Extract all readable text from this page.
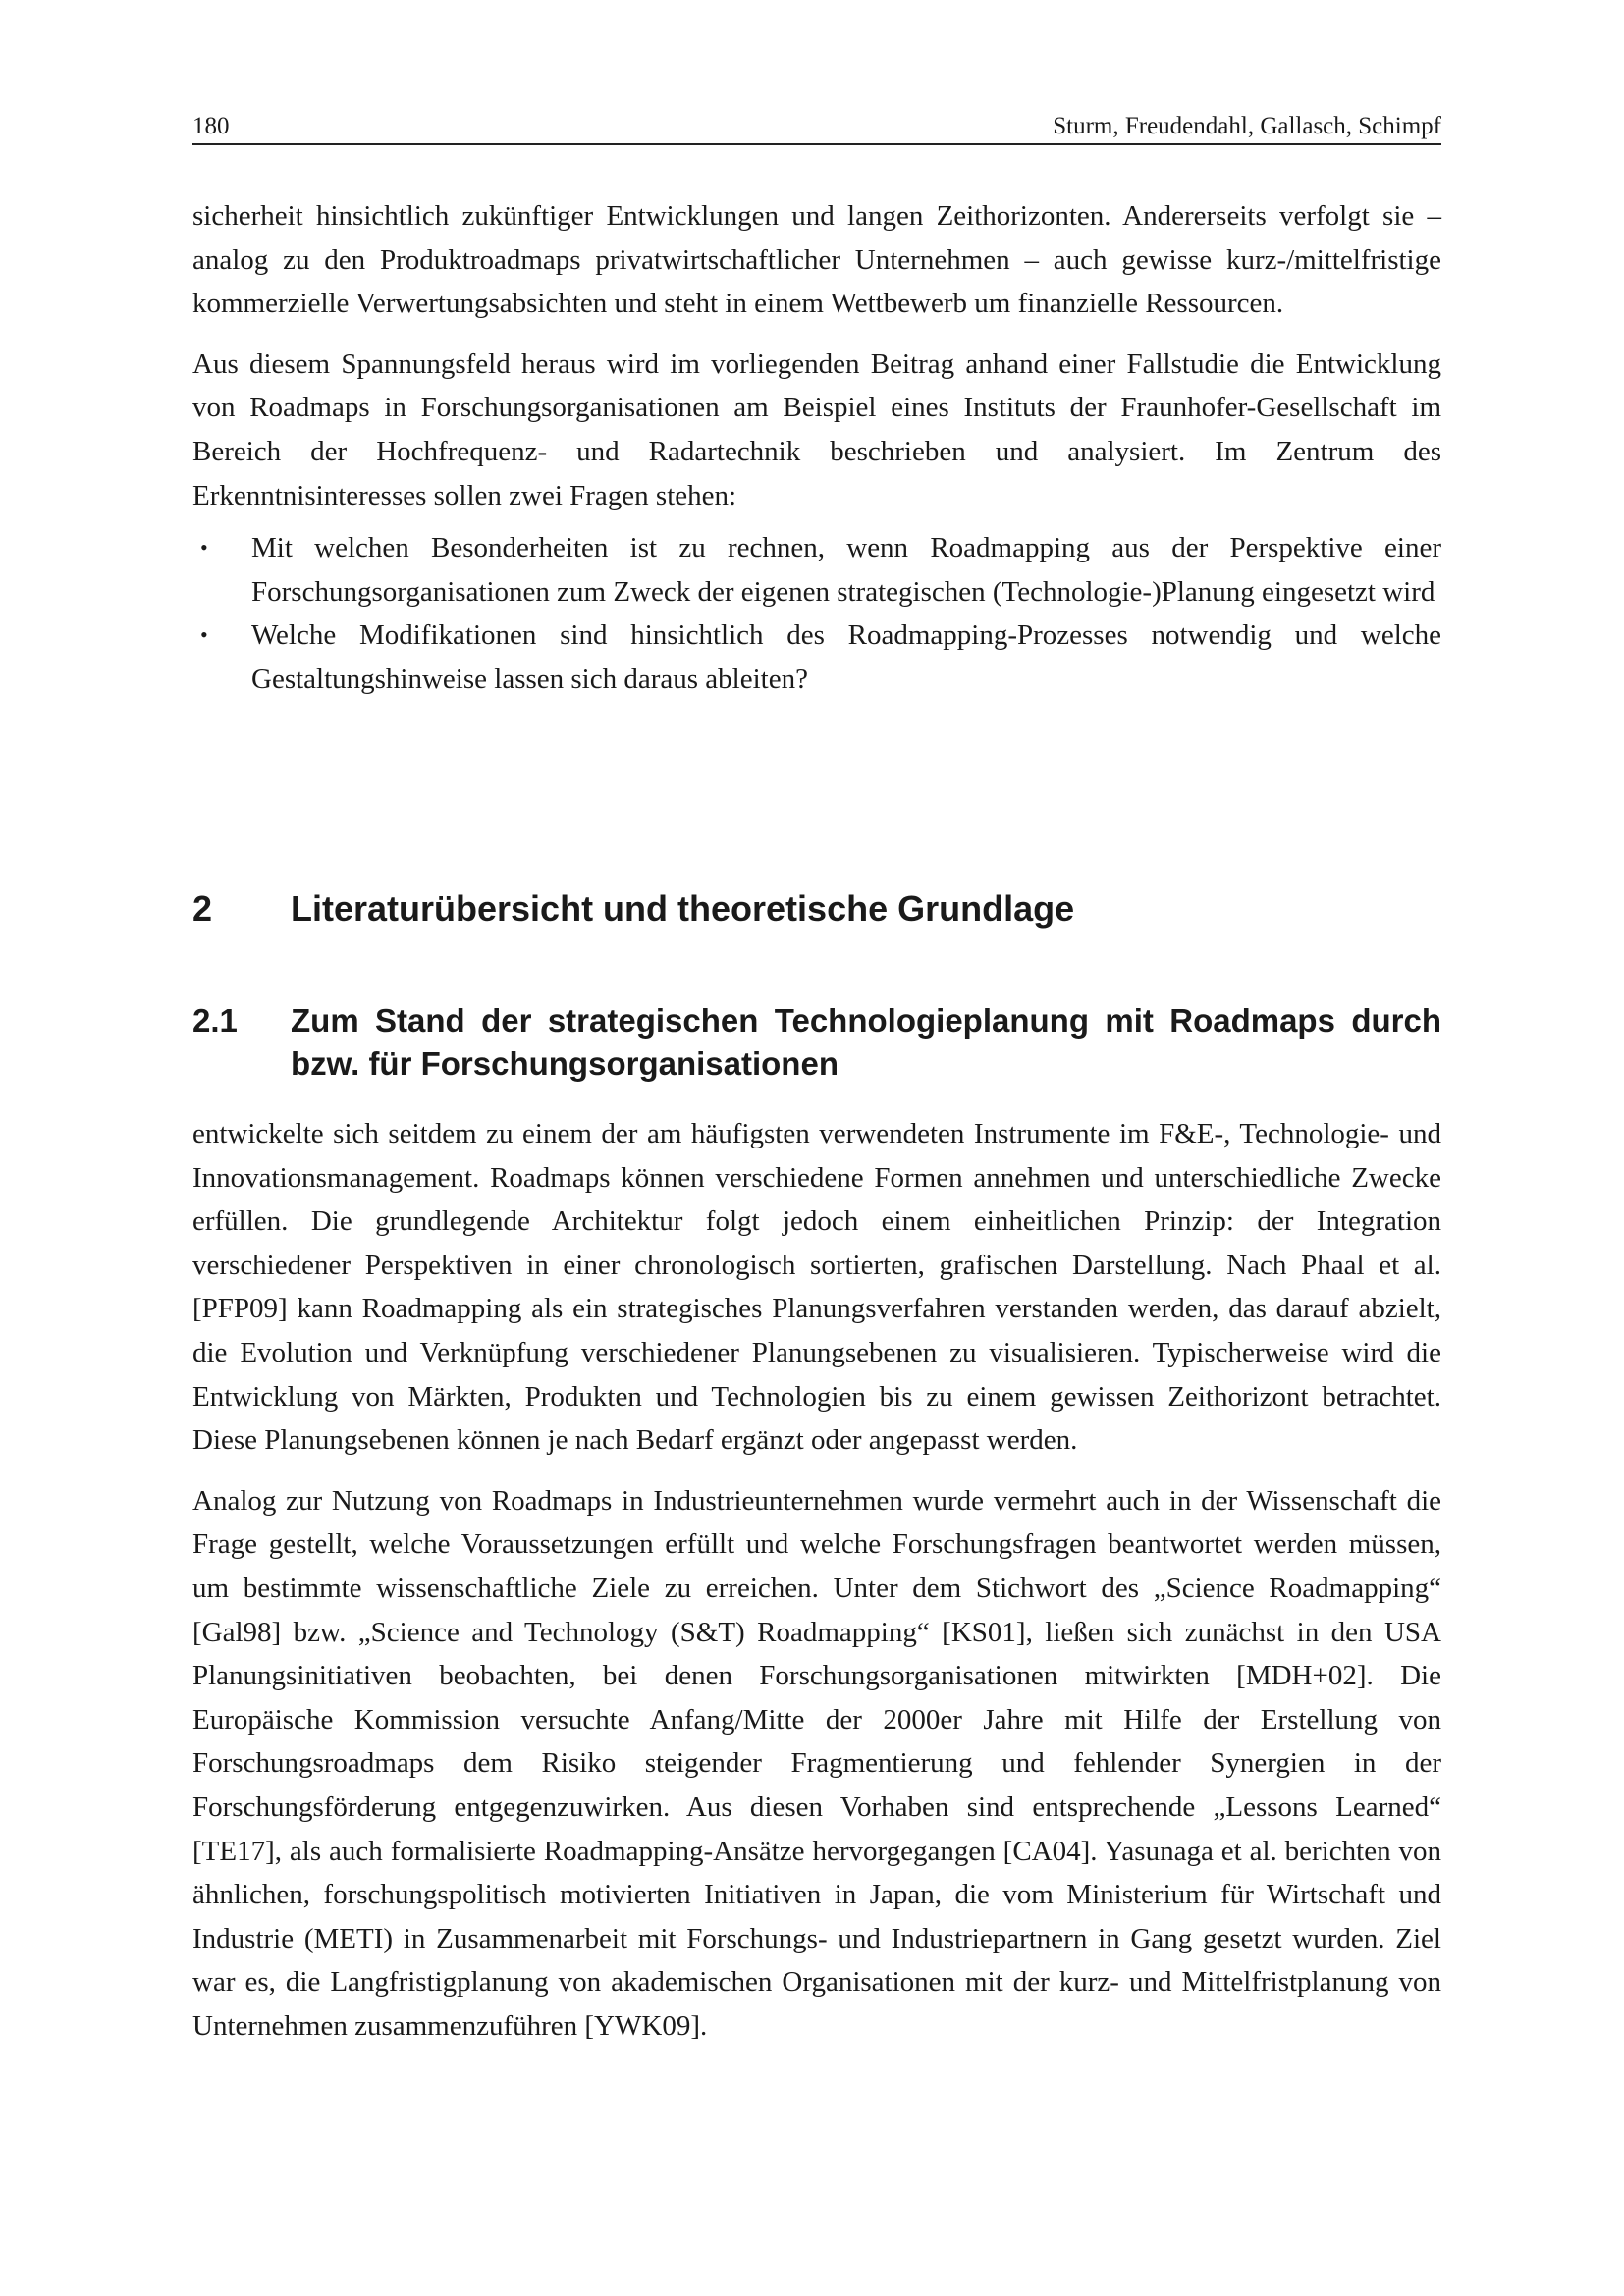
180	Sturm, Freudendahl, Gallasch, Schimpf

sicherheit hinsichtlich zukünftiger Entwicklungen und langen Zeithorizonten. Andererseits verfolgt sie – analog zu den Produktroadmaps privatwirtschaftlicher Unternehmen – auch gewisse kurz-/mittelfristige kommerzielle Verwertungsabsichten und steht in einem Wettbewerb um finanzielle Ressourcen.

Aus diesem Spannungsfeld heraus wird im vorliegenden Beitrag anhand einer Fallstudie die Entwicklung von Roadmaps in Forschungsorganisationen am Beispiel eines Instituts der Fraunhofer-Gesellschaft im Bereich der Hochfrequenz- und Radartechnik beschrieben und analysiert. Im Zentrum des Erkenntnisinteresses sollen zwei Fragen stehen:

• Mit welchen Besonderheiten ist zu rechnen, wenn Roadmapping aus der Perspektive einer Forschungsorganisationen zum Zweck der eigenen strategischen (Technologie-)Planung eingesetzt wird
• Welche Modifikationen sind hinsichtlich des Roadmapping-Prozesses notwendig und welche Gestaltungshinweise lassen sich daraus ableiten?
2 Literaturübersicht und theoretische Grundlage
2.1 Zum Stand der strategischen Technologieplanung mit Roadmaps durch bzw. für Forschungsorganisationen

entwickelte sich seitdem zu einem der am häufigsten verwendeten Instrumente im F&E-, Technologie- und Innovationsmanagement. Roadmaps können verschiedene Formen annehmen und unterschiedliche Zwecke erfüllen. Die grundlegende Architektur folgt jedoch einem einheitlichen Prinzip: der Integration verschiedener Perspektiven in einer chronologisch sortierten, grafischen Darstellung. Nach Phaal et al. [PFP09] kann Roadmapping als ein strategisches Planungsverfahren verstanden werden, das darauf abzielt, die Evolution und Verknüpfung verschiedener Planungsebenen zu visualisieren. Typischerweise wird die Entwicklung von Märkten, Produkten und Technologien bis zu einem gewissen Zeithorizont betrachtet. Diese Planungsebenen können je nach Bedarf ergänzt oder angepasst werden.

Analog zur Nutzung von Roadmaps in Industrieunternehmen wurde vermehrt auch in der Wissenschaft die Frage gestellt, welche Voraussetzungen erfüllt und welche Forschungsfragen beantwortet werden müssen, um bestimmte wissenschaftliche Ziele zu erreichen. Unter dem Stichwort des „Science Roadmapping“ [Gal98] bzw. „Science and Technology (S&T) Roadmapping“ [KS01], ließen sich zunächst in den USA Planungsinitiativen beobachten, bei denen Forschungsorganisationen mitwirkten [MDH+02]. Die Europäische Kommission versuchte Anfang/Mitte der 2000er Jahre mit Hilfe der Erstellung von Forschungsroadmaps dem Risiko steigender Fragmentierung und fehlender Synergien in der Forschungsförderung entgegenzuwirken. Aus diesen Vorhaben sind entsprechende „Lessons Learned“ [TE17], als auch formalisierte Roadmapping-Ansätze hervorgegangen [CA04]. Yasunaga et al. berichten von ähnlichen, forschungspolitisch motivierten Initiativen in Japan, die vom Ministerium für Wirtschaft und Industrie (METI) in Zusammenarbeit mit Forschungs- und Industriepartnern in Gang gesetzt wurden. Ziel war es, die Langfristigplanung von akademischen Organisationen mit der kurz- und Mittelfristplanung von Unternehmen zusammenzuführen [YWK09].
